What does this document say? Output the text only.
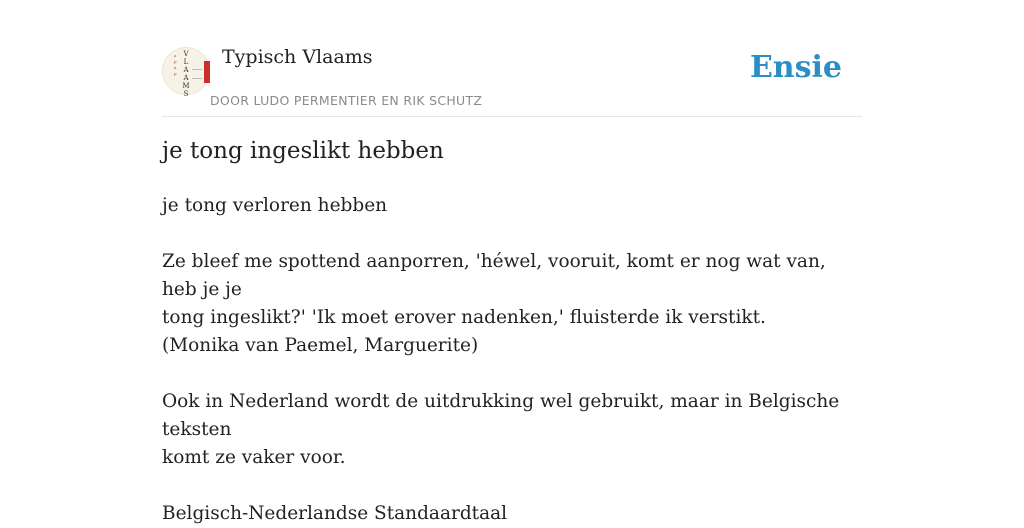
a
p
a
p
V
L
A
A
M
S
Typisch Vlaams
DOOR LUDO PERMENTIER EN RIK SCHUTZ
Ensie
je tong ingeslikt hebben

je tong verloren hebben

Ze bleef me spottend aanporren, 'héwel, vooruit, komt er nog wat van, heb je je
tong ingeslikt?' 'Ik moet erover nadenken,' fluisterde ik verstikt.
(Monika van Paemel, Marguerite)

Ook in Nederland wordt de uitdrukking wel gebruikt, maar in Belgische teksten
komt ze vaker voor.

Belgisch-Nederlandse Standaardtaal
